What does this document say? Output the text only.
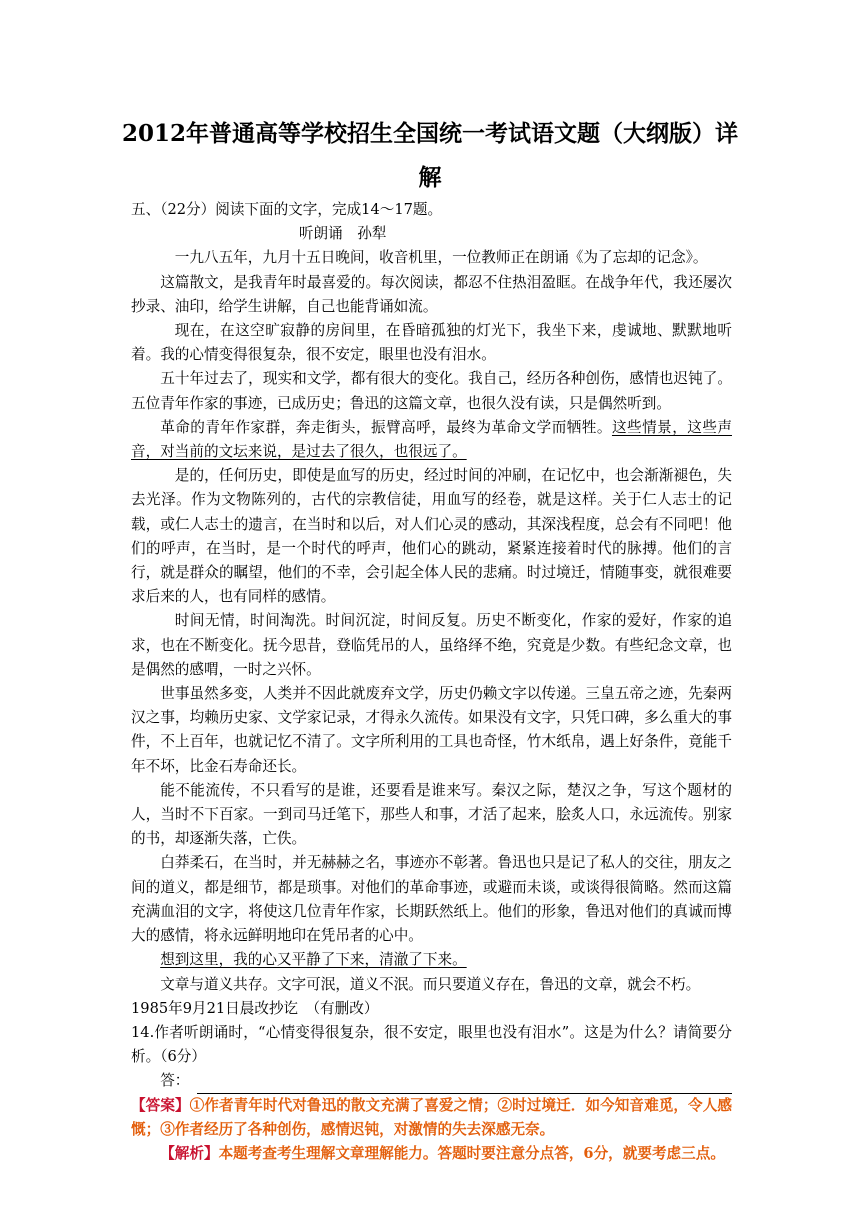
2012年普通高等学校招生全国统一考试语文题（大纲版）详解

五、（22分）阅读下面的文字，完成14～17题。

听朗诵　孙犁

一九八五年，九月十五日晚间，收音机里，一位教师正在朗诵《为了忘却的记念》。

这篇散文，是我青年时最喜爱的。每次阅读，都忍不住热泪盈眶。在战争年代，我还屡次抄录、油印，给学生讲解，自己也能背诵如流。

现在，在这空旷寂静的房间里，在昏暗孤独的灯光下，我坐下来，虔诚地、默默地听着。我的心情变得很复杂，很不安定，眼里也没有泪水。

五十年过去了，现实和文学，都有很大的变化。我自己，经历各种创伤，感情也迟钝了。五位青年作家的事迹，已成历史；鲁迅的这篇文章，也很久没有读，只是偶然听到。

革命的青年作家群，奔走街头，振臂高呼，最终为革命文学而牺牲。这些情景，这些声音，对当前的文坛来说，是过去了很久，也很远了。

是的，任何历史，即使是血写的历史，经过时间的冲刷，在记忆中，也会渐渐褪色，失去光泽。作为文物陈列的，古代的宗教信徒，用血写的经卷，就是这样。关于仁人志士的记载，或仁人志士的遗言，在当时和以后，对人们心灵的感动，其深浅程度，总会有不同吧！他们的呼声，在当时，是一个时代的呼声，他们心的跳动，紧紧连接着时代的脉搏。他们的言行，就是群众的瞩望，他们的不幸，会引起全体人民的悲痛。时过境迁，情随事变，就很难要求后来的人，也有同样的感情。

时间无情，时间淘洗。时间沉淀，时间反复。历史不断变化，作家的爱好，作家的追求，也在不断变化。抚今思昔，登临凭吊的人，虽络绎不绝，究竟是少数。有些纪念文章，也是偶然的感喟，一时之兴怀。

世事虽然多变，人类并不因此就废弃文学，历史仍赖文字以传递。三皇五帝之迹，先秦两汉之事，均赖历史家、文学家记录，才得永久流传。如果没有文字，只凭口碑，多么重大的事件，不上百年，也就记忆不清了。文字所利用的工具也奇怪，竹木纸帛，遇上好条件，竟能千年不坏，比金石寿命还长。

能不能流传，不只看写的是谁，还要看是谁来写。秦汉之际，楚汉之争，写这个题材的人，当时不下百家。一到司马迁笔下，那些人和事，才活了起来，脍炙人口，永远流传。别家的书，却逐渐失落，亡佚。

白莽柔石，在当时，并无赫赫之名，事迹亦不彰著。鲁迅也只是记了私人的交往，朋友之间的道义，都是细节，都是琐事。对他们的革命事迹，或避而未谈，或谈得很简略。然而这篇充满血泪的文字，将使这几位青年作家，长期跃然纸上。他们的形象，鲁迅对他们的真诚而博大的感情，将永远鲜明地印在凭吊者的心中。

想到这里，我的心又平静了下来，清澈了下来。

文章与道义共存。文字可泯，道义不泯。而只要道义存在，鲁迅的文章，就会不朽。

1985年9月21日晨改抄讫　（有删改）

14.作者听朗诵时，“心情变得很复杂，很不安定，眼里也没有泪水”。这是为什么？请简要分析。（6分）

答：

【答案】①作者青年时代对鲁迅的散文充满了喜爱之情；②时过境迁．如今知音难觅，令人感慨；③作者经历了各种创伤，感情迟钝，对激情的失去深感无奈。

【解析】本题考查考生理解文章理解能力。答题时要注意分点答，6分，就要考虑三点。
